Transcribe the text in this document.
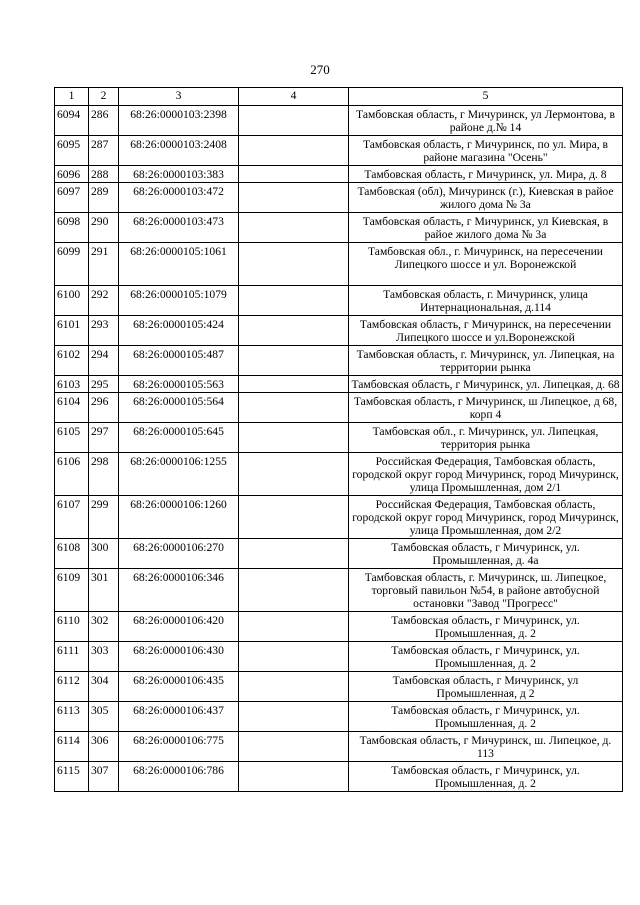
270
1	2	3	4	5
6094	286	68:26:0000103:2398		Тамбовская область, г Мичуринск, ул Лермонтова, в районе д.№ 14
6095	287	68:26:0000103:2408		Тамбовская область, г Мичуринск, по ул. Мира, в районе магазина "Осень"
6096	288	68:26:0000103:383		Тамбовская область, г Мичуринск, ул. Мира, д. 8
6097	289	68:26:0000103:472		Тамбовская (обл), Мичуринск (г.), Киевская в райое жилого дома № 3а
6098	290	68:26:0000103:473		Тамбовская область, г Мичуринск, ул Киевская, в райое жилого дома № 3а
6099	291	68:26:0000105:1061		Тамбовская обл., г. Мичуринск, на пересечении Липецкого шоссе и ул. Воронежской
6100	292	68:26:0000105:1079		Тамбовская область, г. Мичуринск, улица Интернациональная, д.114
6101	293	68:26:0000105:424		Тамбовская область, г Мичуринск, на пересечении Липецкого шоссе и ул.Воронежской
6102	294	68:26:0000105:487		Тамбовская область, г. Мичуринск, ул. Липецкая, на территории рынка
6103	295	68:26:0000105:563		Тамбовская область, г Мичуринск, ул. Липецкая, д. 68
6104	296	68:26:0000105:564		Тамбовская область, г Мичуринск, ш Липецкое, д 68, корп 4
6105	297	68:26:0000105:645		Тамбовская обл., г. Мичуринск, ул. Липецкая, территория рынка
6106	298	68:26:0000106:1255		Российская Федерация, Тамбовская область, городской округ город Мичуринск, город Мичуринск, улица Промышленная, дом 2/1
6107	299	68:26:0000106:1260		Российская Федерация, Тамбовская область, городской округ город Мичуринск, город Мичуринск, улица Промышленная, дом 2/2
6108	300	68:26:0000106:270		Тамбовская область, г Мичуринск, ул. Промышленная, д. 4а
6109	301	68:26:0000106:346		Тамбовская область, г. Мичуринск, ш. Липецкое, торговый павильон №54, в районе автобусной остановки "Завод "Прогресс"
6110	302	68:26:0000106:420		Тамбовская область, г Мичуринск, ул. Промышленная, д. 2
6111	303	68:26:0000106:430		Тамбовская область, г Мичуринск, ул. Промышленная, д. 2
6112	304	68:26:0000106:435		Тамбовская область, г Мичуринск, ул Промышленная, д 2
6113	305	68:26:0000106:437		Тамбовская область, г Мичуринск, ул. Промышленная, д. 2
6114	306	68:26:0000106:775		Тамбовская область, г Мичуринск, ш. Липецкое, д. 113
6115	307	68:26:0000106:786		Тамбовская область, г Мичуринск, ул. Промышленная, д. 2
